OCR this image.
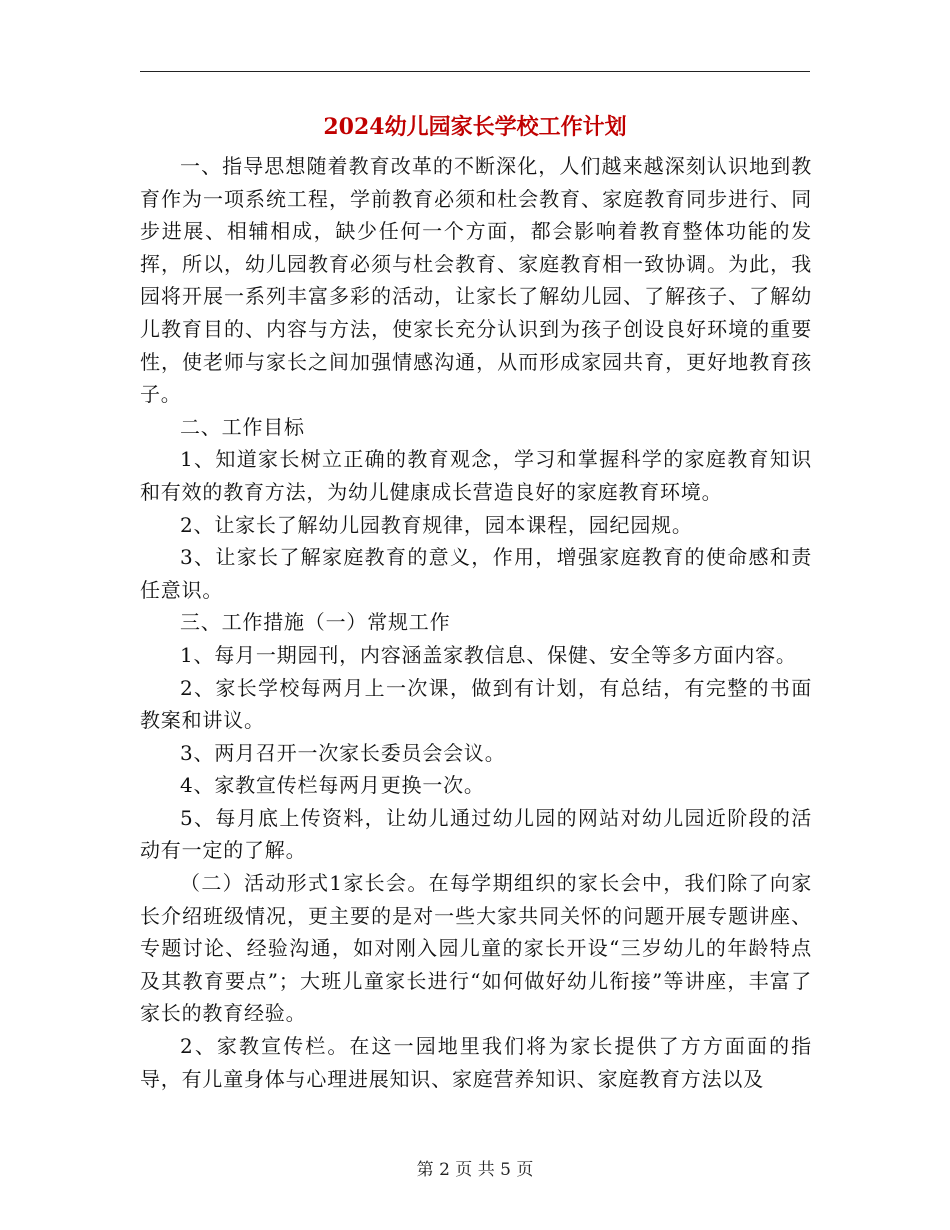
2024幼儿园家长学校工作计划

一、指导思想随着教育改革的不断深化，人们越来越深刻认识地到教育作为一项系统工程，学前教育必须和杜会教育、家庭教育同步进行、同步进展、相辅相成，缺少任何一个方面，都会影响着教育整体功能的发挥，所以，幼儿园教育必须与杜会教育、家庭教育相一致协调。为此，我园将开展一系列丰富多彩的活动，让家长了解幼儿园、了解孩子、了解幼儿教育目的、内容与方法，使家长充分认识到为孩子创设良好环境的重要性，使老师与家长之间加强情感沟通，从而形成家园共育，更好地教育孩子。

二、工作目标

1、知道家长树立正确的教育观念，学习和掌握科学的家庭教育知识和有效的教育方法，为幼儿健康成长营造良好的家庭教育环境。

2、让家长了解幼儿园教育规律，园本课程，园纪园规。

3、让家长了解家庭教育的意义，作用，增强家庭教育的使命感和责任意识。

三、工作措施（一）常规工作

1、每月一期园刊，内容涵盖家教信息、保健、安全等多方面内容。

2、家长学校每两月上一次课，做到有计划，有总结，有完整的书面教案和讲议。

3、两月召开一次家长委员会会议。

4、家教宣传栏每两月更换一次。

5、每月底上传资料，让幼儿通过幼儿园的网站对幼儿园近阶段的活动有一定的了解。

（二）活动形式1家长会。在每学期组织的家长会中，我们除了向家长介绍班级情况，更主要的是对一些大家共同关怀的问题开展专题讲座、专题讨论、经验沟通，如对刚入园儿童的家长开设“三岁幼儿的年龄特点及其教育要点”；大班儿童家长进行“如何做好幼儿衔接”等讲座，丰富了家长的教育经验。

2、家教宣传栏。在这一园地里我们将为家长提供了方方面面的指导，有儿童身体与心理进展知识、家庭营养知识、家庭教育方法以及

第 2 页 共 5 页
